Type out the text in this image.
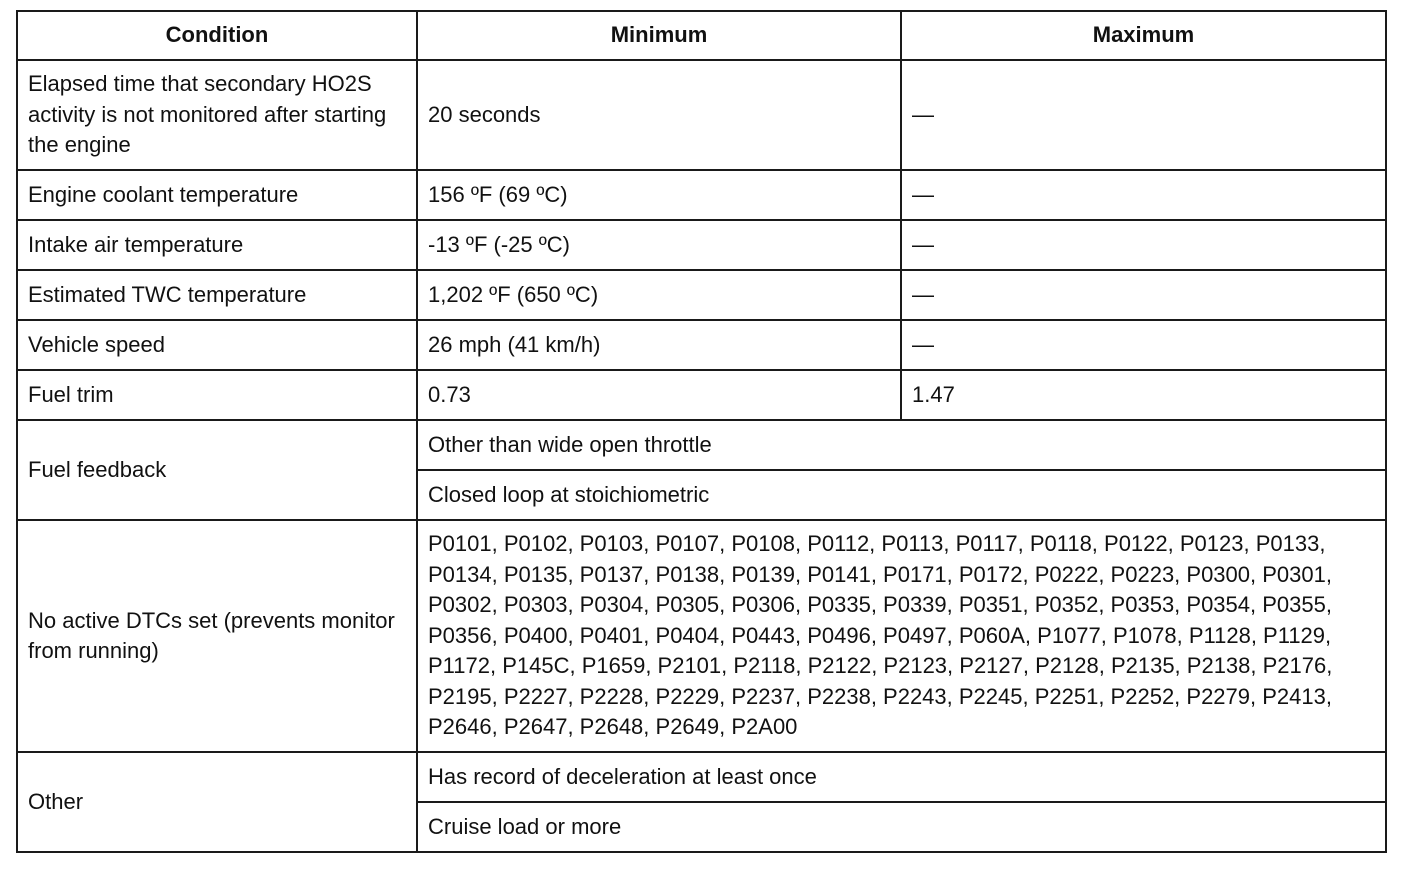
Condition	Minimum	Maximum
Elapsed time that secondary HO2S activity is not monitored after starting the engine	20 seconds	—
Engine coolant temperature	156 ºF (69 ºC)	—
Intake air temperature	-13 ºF (-25 ºC)	—
Estimated TWC temperature	1,202 ºF (650 ºC)	—
Vehicle speed	26 mph (41 km/h)	—
Fuel trim	0.73	1.47
Fuel feedback	Other than wide open throttle	
	Closed loop at stoichiometric	
No active DTCs set (prevents monitor from running)	P0101, P0102, P0103, P0107, P0108, P0112, P0113, P0117, P0118, P0122, P0123, P0133, P0134, P0135, P0137, P0138, P0139, P0141, P0171, P0172, P0222, P0223, P0300, P0301, P0302, P0303, P0304, P0305, P0306, P0335, P0339, P0351, P0352, P0353, P0354, P0355, P0356, P0400, P0401, P0404, P0443, P0496, P0497, P060A, P1077, P1078, P1128, P1129, P1172, P145C, P1659, P2101, P2118, P2122, P2123, P2127, P2128, P2135, P2138, P2176, P2195, P2227, P2228, P2229, P2237, P2238, P2243, P2245, P2251, P2252, P2279, P2413, P2646, P2647, P2648, P2649, P2A00	
Other	Has record of deceleration at least once	
	Cruise load or more	
